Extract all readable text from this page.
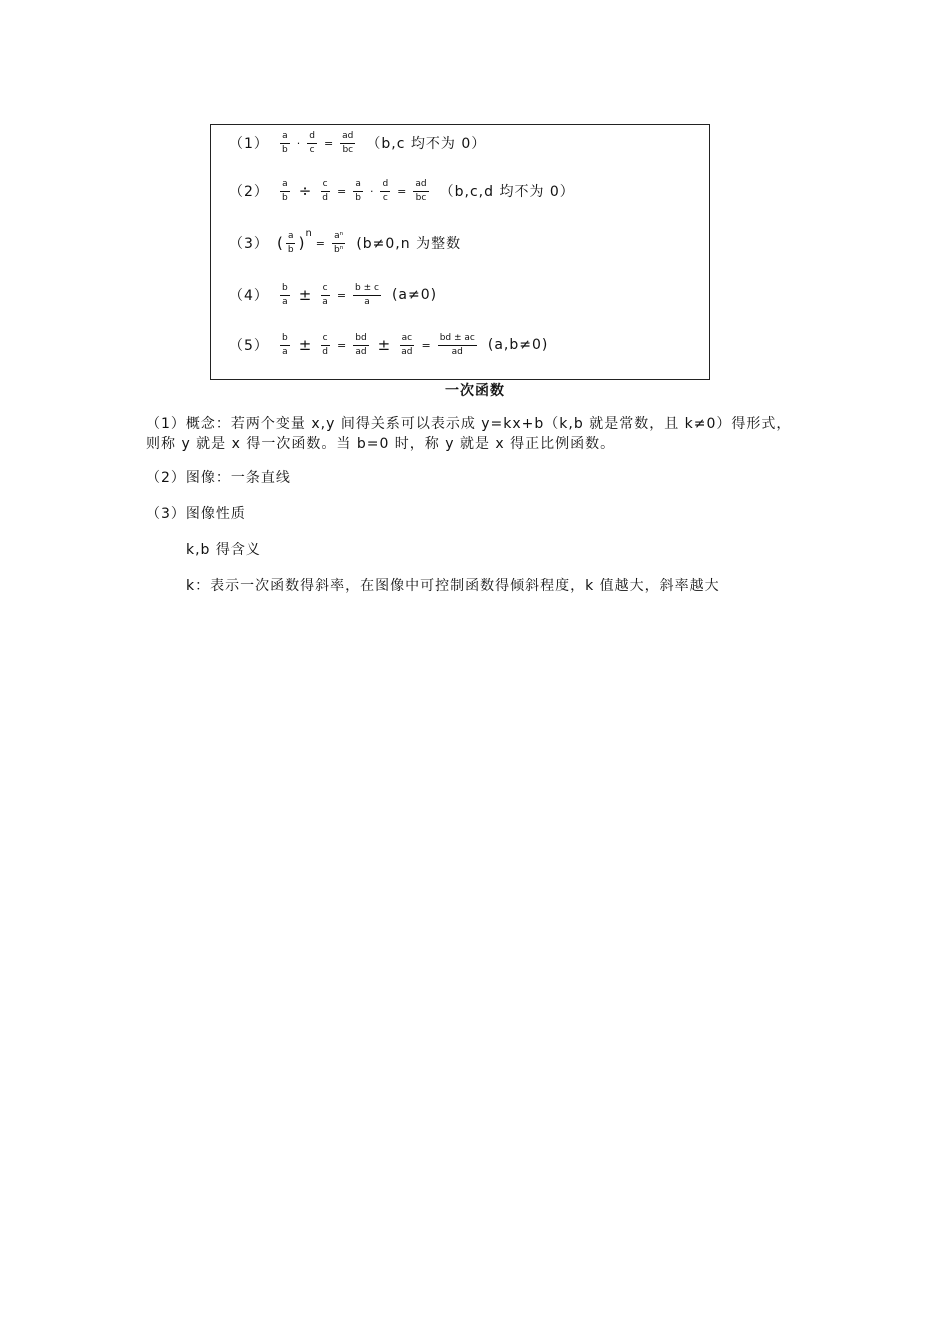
（1）	$\frac{a}{b} \cdot \frac{d}{c} = \frac{ad}{bc} (b,c$ 均不为 0）
（2）	$\frac{a}{b} \div \frac{c}{d} = \frac{a}{b} \cdot \frac{d}{c} = \frac{ad}{bc} (b,c,d$ 均不为 0）
（3） ( $\frac{a}{b}$ )
n
= $\frac{\text{aⁿ}}{\text{bⁿ}} (b\ne 0,n$ 为整数
（4）	$\frac{b}{a} \pm \frac{c}{a} = \frac{b \pm c}{a} (a\ne 0)$
（5）	$\frac{b}{a} \pm \frac{c}{d} = \frac{bd}{ad} \pm \frac{ac}{ad} = \frac{bd \pm ac}{ad} (a,b\ne 0)$
一次函数
（1）概念：若两个变量 x,y 间得关系可以表示成 y=kx+b（k,b 就是常数，且 k≠0）得形式，
则称 y 就是 x 得一次函数。当 b=0 时，称 y 就是 x 得正比例函数。
（2）图像：一条直线
（3）图像性质
k,b 得含义
k：表示一次函数得斜率，在图像中可控制函数得倾斜程度，k 值越大，斜率越大
